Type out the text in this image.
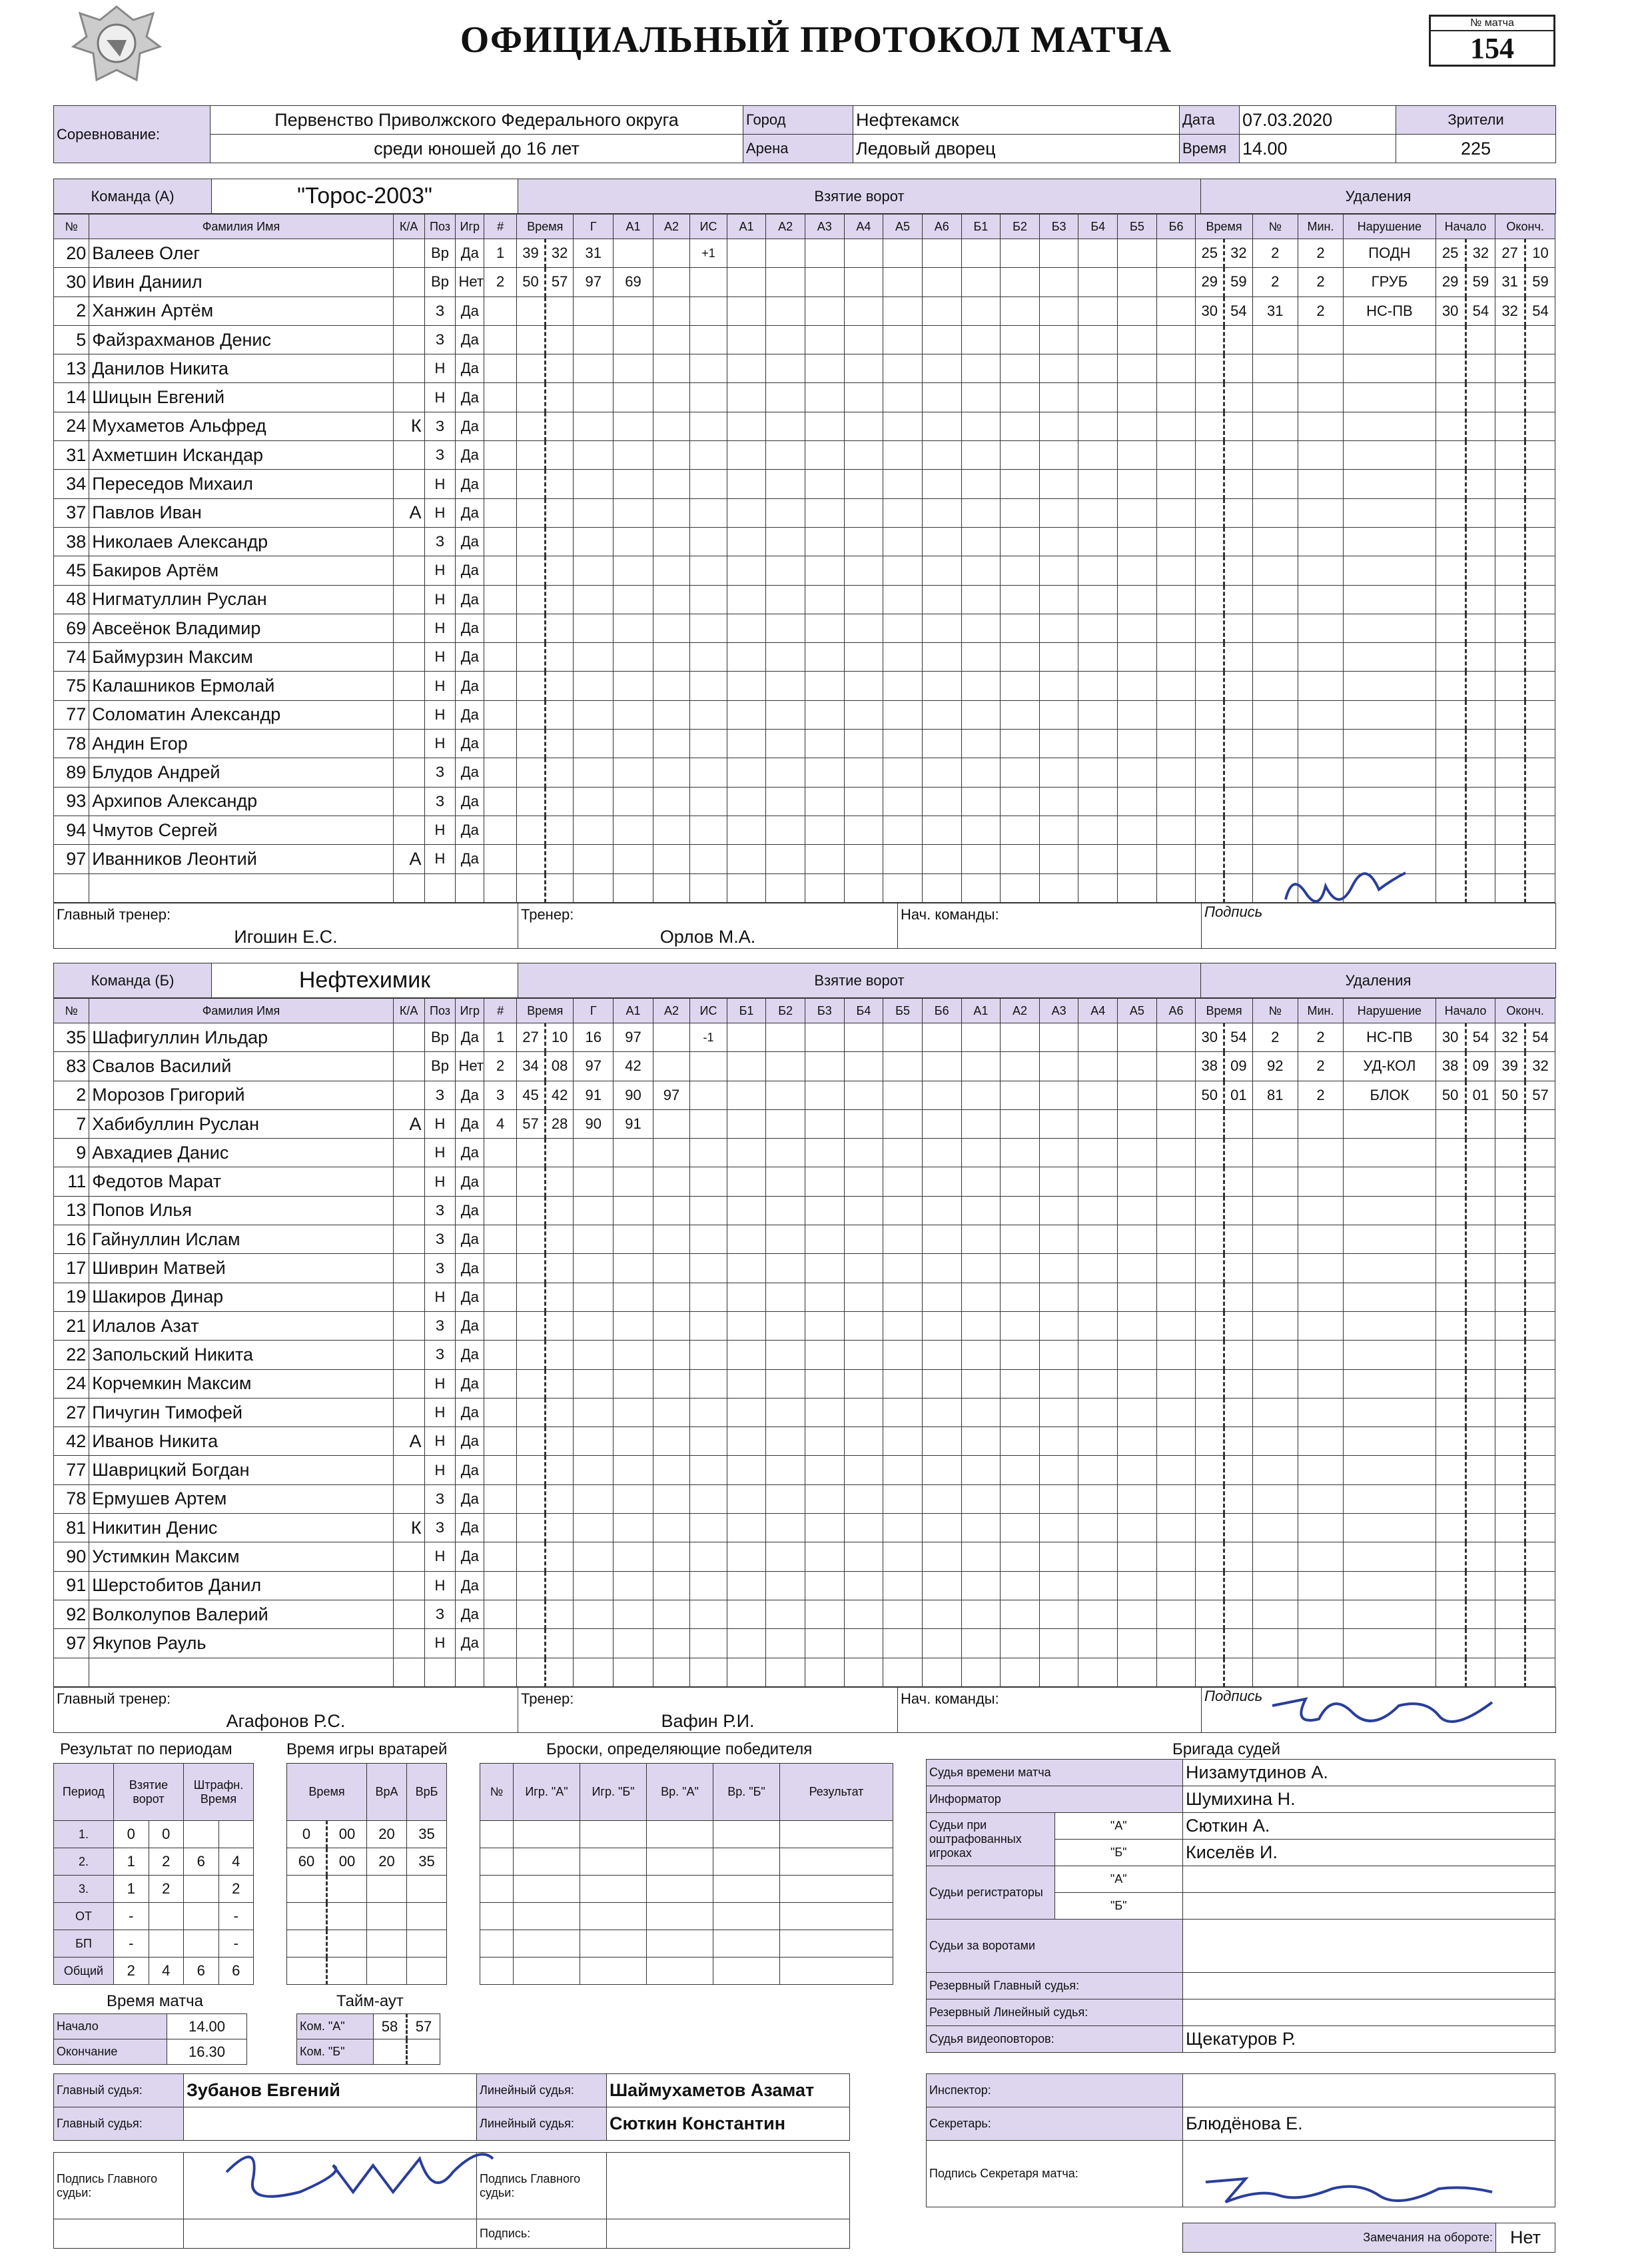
ОФИЦИАЛЬНЫЙ ПРОТОКОЛ МАТЧА	№ матча
154
Соревнование:	Первенство Приволжского Федерального округа	Город	Нефтекамск	Дата	07.03.2020	Зрители
	среди юношей до 16 лет	Арена	Ледовый дворец	Время	14.00	225
Команда (А)	"Торос-2003"	Взятие ворот	Удаления
№	Фамилия Имя	К/А	Поз	Игр	#	Время		Г	А1	А2	ИС	А1	А2	А3	А4	А5	А6	Б1	Б2	Б3	Б4	Б5	Б6	Время		№	Мин.	Нарушение	Начало		Оконч.	
20	Валеев Олег		Вр	Да	1	39	32	31			+1													25	32	2	2	ПОДН	25	32	27	10
30	Ивин Даниил		Вр	Нет	2	50	57	97	69															29	59	2	2	ГРУБ	29	59	31	59
2	Ханжин Артём		З	Да																				30	54	31	2	НС-ПВ	30	54	32	54
5	Файзрахманов Денис		З	Да																												
13	Данилов Никита		Н	Да																												
14	Шицын Евгений		Н	Да																												
24	Мухаметов Альфред	К	З	Да																												
31	Ахметшин Искандар		З	Да																												
34	Переседов Михаил		Н	Да																												
37	Павлов Иван	А	Н	Да																												
38	Николаев Александр		З	Да																												
45	Бакиров Артём		Н	Да																												
48	Нигматуллин Руслан		Н	Да																												
69	Авсеёнок Владимир		Н	Да																												
74	Баймурзин Максим		Н	Да																												
75	Калашников Ермолай		Н	Да																												
77	Соломатин Александр		Н	Да																												
78	Андин Егор		Н	Да																												
89	Блудов Андрей		З	Да																												
93	Архипов Александр		З	Да																												
94	Чмутов Сергей		Н	Да																												
97	Иванников Леонтий	А	Н	Да																												

Главный тренер:	Тренер:	Нач. команды:	Подпись
Игошин Е.С.	Орлов М.А.		
Команда (Б)	Нефтехимик	Взятие ворот	Удаления
№	Фамилия Имя	К/А	Поз	Игр	#	Время		Г	А1	А2	ИС	Б1	Б2	Б3	Б4	Б5	Б6	А1	А2	А3	А4	А5	А6	Время		№	Мин.	Нарушение	Начало		Оконч.	
35	Шафигуллин Ильдар		Вр	Да	1	27	10	16	97		-1													30	54	2	2	НС-ПВ	30	54	32	54
83	Свалов Василий		Вр	Нет	2	34	08	97	42															38	09	92	2	УД-КОЛ	38	09	39	32
2	Морозов Григорий		З	Да	3	45	42	91	90	97														50	01	81	2	БЛОК	50	01	50	57
7	Хабибуллин Руслан	А	Н	Да	4	57	28	90	91																							
9	Авхадиев Данис		Н	Да																												
11	Федотов Марат		Н	Да																												
13	Попов Илья		З	Да																												
16	Гайнуллин Ислам		З	Да																												
17	Шиврин Матвей		З	Да																												
19	Шакиров Динар		Н	Да																												
21	Илалов Азат		З	Да																												
22	Запольский Никита		З	Да																												
24	Корчемкин Максим		Н	Да																												
27	Пичугин Тимофей		Н	Да																												
42	Иванов Никита	А	Н	Да																												
77	Шаврицкий Богдан		Н	Да																												
78	Ермушев Артем		З	Да																												
81	Никитин Денис	К	З	Да																												
90	Устимкин Максим		Н	Да																												
91	Шерстобитов Данил		Н	Да																												
92	Волколупов Валерий		З	Да																												
97	Якупов Рауль		Н	Да																												

Главный тренер:	Тренер:	Нач. команды:	Подпись
Агафонов Р.С.	Вафин Р.И.		
Результат по периодам
Период	Взятие ворот		Штрафн. Время	
1.	0	0		
2.	1	2	6	4
3.	1	2		2
ОТ	-			-
БП	-			-
Общий	2	4	6	6
Время игры вратарей
Время		ВрА	ВрБ
0	00	20	35
60	00	20	35

Время матча
Начало	14.00
Окончание	16.30
Тайм-аут
Ком. "А"	58	57
Ком. "Б"		
Броски, определяющие победителя
№	Игр. "А"	Игр. "Б"	Вр. "А"	Вр. "Б"	Результат

Бригада судей
Судья времени матча		Низамутдинов А.
Информатор		Шумихина Н.
Судьи при оштрафованных игроках	"А"	Сюткин А.
	"Б"	Киселёв И.
Судьи регистраторы	"А"	
	"Б"	
Судьи за воротами		
Резервный Главный судья:		
Резервный Линейный судья:		
Судья видеоповторов:		Щекатуров Р.
Главный судья:	Зубанов Евгений	Линейный судья:	Шаймухаметов Азамат
Главный судья:		Линейный судья:	Сюткин Константин
Подпись Главного судьи:		Подпись Главного судьи:	
		Подпись:	
Инспектор:	
Секретарь:	Блюдёнова Е.
Подпись Секретаря матча:	
Замечания на обороте:	Нет
